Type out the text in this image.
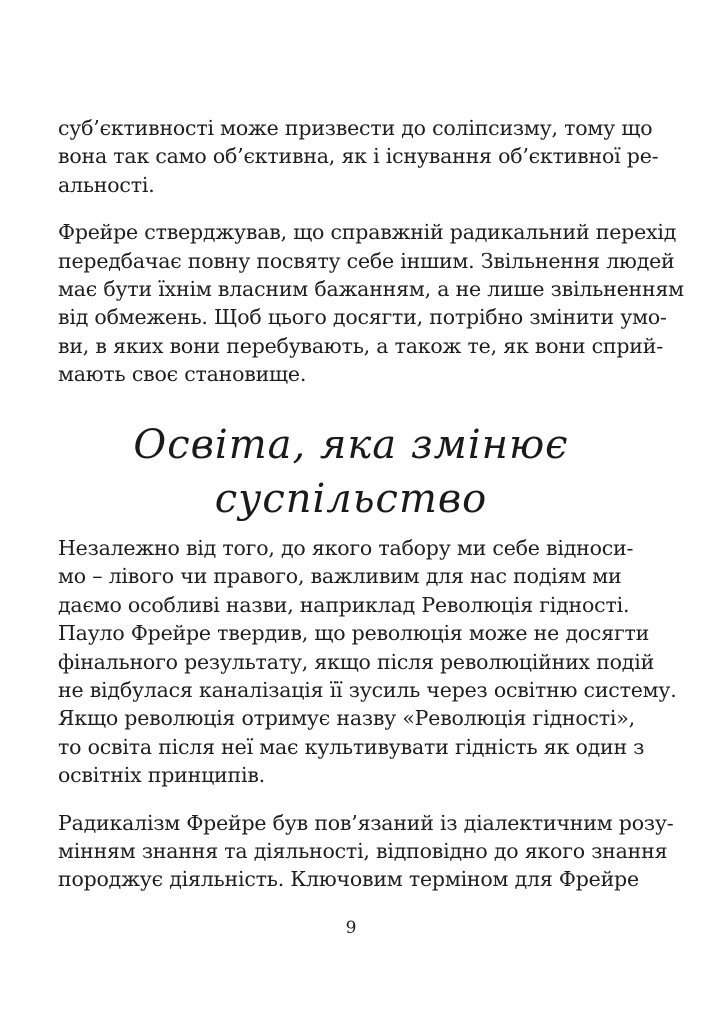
суб’єктивності може призвести до соліпсизму, тому що
вона так само об’єктивна, як і існування об’єктивної ре-
альності.

Фрейре стверджував, що справжній радикальний перехід
передбачає повну посвяту себе іншим. Звільнення людей
має бути їхнім власним бажанням, а не лише звільненням
від обмежень. Щоб цього досягти, потрібно змінити умо-
ви, в яких вони перебувають, а також те, як вони сприй-
мають своє становище.

Освіта, яка змінює
суспільство

Незалежно від того, до якого табору ми себе відноси-
мо – лівого чи правого, важливим для нас подіям ми
даємо особливі назви, наприклад Революція гідності.
Пауло Фрейре твердив, що революція може не досягти
фінального результату, якщо після революційних подій
не відбулася каналізація її зусиль через освітню систему.
Якщо революція отримує назву «Революція гідності»,
то освіта після неї має культивувати гідність як один з
освітніх принципів.

Радикалізм Фрейре був пов’язаний із діалектичним розу-
мінням знання та діяльності, відповідно до якого знання
породжує діяльність. Ключовим терміном для Фрейре

9
